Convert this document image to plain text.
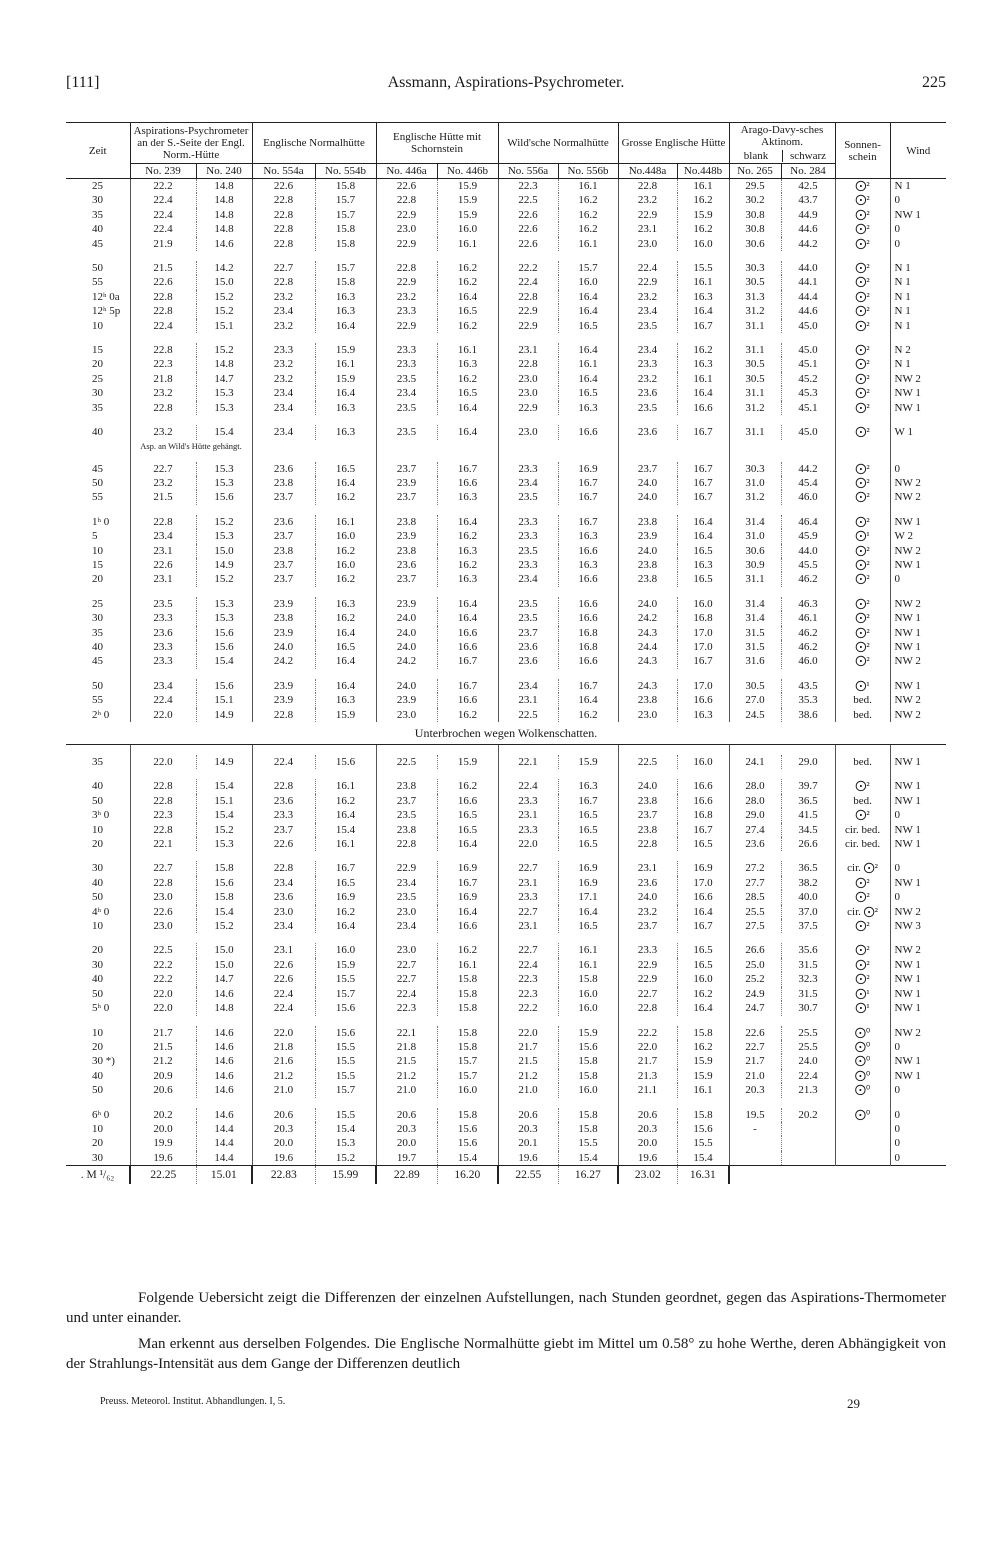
[111]	Assmann, Aspirations-Psychrometer.	225
Zeit	Aspirations-Psychrometer an der S.-Seite der Engl. Norm.-Hütte		Englische Normalhütte		Englische Hütte mit Schornstein		Wild'sche Normalhütte		Grosse Englische Hütte		Arago-Davy-sches Aktinom.
blank schwarz		Sonnen-schein	Wind
	No. 239	No. 240	No. 554a	No. 554b	No. 446a	No. 446b	No. 556a	No. 556b	No.448a	No.448b	No. 265	No. 284		
25	22.2	14.8	22.6	15.8	22.6	15.9	22.3	16.1	22.8	16.1	29.5	42.5	⨀²	N 1
30	22.4	14.8	22.8	15.7	22.8	15.9	22.5	16.2	23.2	16.2	30.2	43.7	⨀²	0
35	22.4	14.8	22.8	15.7	22.9	15.9	22.6	16.2	22.9	15.9	30.8	44.9	⨀²	NW 1
40	22.4	14.8	22.8	15.8	23.0	16.0	22.6	16.2	23.1	16.2	30.8	44.6	⨀²	0
45	21.9	14.6	22.8	15.8	22.9	16.1	22.6	16.1	23.0	16.0	30.6	44.2	⨀²	0

50	21.5	14.2	22.7	15.7	22.8	16.2	22.2	15.7	22.4	15.5	30.3	44.0	⨀²	N 1
55	22.6	15.0	22.8	15.8	22.9	16.2	22.4	16.0	22.9	16.1	30.5	44.1	⨀²	N 1
12ʰ 0a	22.8	15.2	23.2	16.3	23.2	16.4	22.8	16.4	23.2	16.3	31.3	44.4	⨀²	N 1
12ʰ 5p	22.8	15.2	23.4	16.3	23.3	16.5	22.9	16.4	23.4	16.4	31.2	44.6	⨀²	N 1
10	22.4	15.1	23.2	16.4	22.9	16.2	22.9	16.5	23.5	16.7	31.1	45.0	⨀²	N 1

15	22.8	15.2	23.3	15.9	23.3	16.1	23.1	16.4	23.4	16.2	31.1	45.0	⨀²	N 2
20	22.3	14.8	23.2	16.1	23.3	16.3	22.8	16.1	23.3	16.3	30.5	45.1	⨀²	N 1
25	21.8	14.7	23.2	15.9	23.5	16.2	23.0	16.4	23.2	16.1	30.5	45.2	⨀²	NW 2
30	23.2	15.3	23.4	16.4	23.4	16.5	23.0	16.5	23.6	16.4	31.1	45.3	⨀²	NW 1
35	22.8	15.3	23.4	16.3	23.5	16.4	22.9	16.3	23.5	16.6	31.2	45.1	⨀²	NW 1

40	23.2	15.4	23.4	16.3	23.5	16.4	23.0	16.6	23.6	16.7	31.1	45.0	⨀²	W 1
	Asp. an Wild's Hütte gehängt.													

45	22.7	15.3	23.6	16.5	23.7	16.7	23.3	16.9	23.7	16.7	30.3	44.2	⨀²	0
50	23.2	15.3	23.8	16.4	23.9	16.6	23.4	16.7	24.0	16.7	31.0	45.4	⨀²	NW 2
55	21.5	15.6	23.7	16.2	23.7	16.3	23.5	16.7	24.0	16.7	31.2	46.0	⨀²	NW 2

1ʰ 0	22.8	15.2	23.6	16.1	23.8	16.4	23.3	16.7	23.8	16.4	31.4	46.4	⨀²	NW 1
5	23.4	15.3	23.7	16.0	23.9	16.2	23.3	16.3	23.9	16.4	31.0	45.9	⨀¹	W 2
10	23.1	15.0	23.8	16.2	23.8	16.3	23.5	16.6	24.0	16.5	30.6	44.0	⨀²	NW 2
15	22.6	14.9	23.7	16.0	23.6	16.2	23.3	16.3	23.8	16.3	30.9	45.5	⨀²	NW 1
20	23.1	15.2	23.7	16.2	23.7	16.3	23.4	16.6	23.8	16.5	31.1	46.2	⨀²	0

25	23.5	15.3	23.9	16.3	23.9	16.4	23.5	16.6	24.0	16.0	31.4	46.3	⨀²	NW 2
30	23.3	15.3	23.8	16.2	24.0	16.4	23.5	16.6	24.2	16.8	31.4	46.1	⨀²	NW 1
35	23.6	15.6	23.9	16.4	24.0	16.6	23.7	16.8	24.3	17.0	31.5	46.2	⨀²	NW 1
40	23.3	15.6	24.0	16.5	24.0	16.6	23.6	16.8	24.4	17.0	31.5	46.2	⨀²	NW 1
45	23.3	15.4	24.2	16.4	24.2	16.7	23.6	16.6	24.3	16.7	31.6	46.0	⨀²	NW 2

50	23.4	15.6	23.9	16.4	24.0	16.7	23.4	16.7	24.3	17.0	30.5	43.5	⨀¹	NW 1
55	22.4	15.1	23.9	16.3	23.9	16.6	23.1	16.4	23.8	16.6	27.0	35.3	bed.	NW 2
2ʰ 0	22.0	14.9	22.8	15.9	23.0	16.2	22.5	16.2	23.0	16.3	24.5	38.6	bed.	NW 2
Unterbrochen wegen Wolkenschatten.														

35	22.0	14.9	22.4	15.6	22.5	15.9	22.1	15.9	22.5	16.0	24.1	29.0	bed.	NW 1

40	22.8	15.4	22.8	16.1	23.8	16.2	22.4	16.3	24.0	16.6	28.0	39.7	⨀²	NW 1
50	22.8	15.1	23.6	16.2	23.7	16.6	23.3	16.7	23.8	16.6	28.0	36.5	bed.	NW 1
3ʰ 0	22.3	15.4	23.3	16.4	23.5	16.5	23.1	16.5	23.7	16.8	29.0	41.5	⨀²	0
10	22.8	15.2	23.7	15.4	23.8	16.5	23.3	16.5	23.8	16.7	27.4	34.5	cir. bed.	NW 1
20	22.1	15.3	22.6	16.1	22.8	16.4	22.0	16.5	22.8	16.5	23.6	26.6	cir. bed.	NW 1

30	22.7	15.8	22.8	16.7	22.9	16.9	22.7	16.9	23.1	16.9	27.2	36.5	cir. ⨀²	0
40	22.8	15.6	23.4	16.5	23.4	16.7	23.1	16.9	23.6	17.0	27.7	38.2	⨀²	NW 1
50	23.0	15.8	23.6	16.9	23.5	16.9	23.3	17.1	24.0	16.6	28.5	40.0	⨀²	0
4ʰ 0	22.6	15.4	23.0	16.2	23.0	16.4	22.7	16.4	23.2	16.4	25.5	37.0	cir. ⨀²	NW 2
10	23.0	15.2	23.4	16.4	23.4	16.6	23.1	16.5	23.7	16.7	27.5	37.5	⨀²	NW 3

20	22.5	15.0	23.1	16.0	23.0	16.2	22.7	16.1	23.3	16.5	26.6	35.6	⨀²	NW 2
30	22.2	15.0	22.6	15.9	22.7	16.1	22.4	16.1	22.9	16.5	25.0	31.5	⨀²	NW 1
40	22.2	14.7	22.6	15.5	22.7	15.8	22.3	15.8	22.9	16.0	25.2	32.3	⨀²	NW 1
50	22.0	14.6	22.4	15.7	22.4	15.8	22.3	16.0	22.7	16.2	24.9	31.5	⨀¹	NW 1
5ʰ 0	22.0	14.8	22.4	15.6	22.3	15.8	22.2	16.0	22.8	16.4	24.7	30.7	⨀¹	NW 1

10	21.7	14.6	22.0	15.6	22.1	15.8	22.0	15.9	22.2	15.8	22.6	25.5	⨀⁰	NW 2
20	21.5	14.6	21.8	15.5	21.8	15.8	21.7	15.6	22.0	16.2	22.7	25.5	⨀⁰	0
30 *)	21.2	14.6	21.6	15.5	21.5	15.7	21.5	15.8	21.7	15.9	21.7	24.0	⨀⁰	NW 1
40	20.9	14.6	21.2	15.5	21.2	15.7	21.2	15.8	21.3	15.9	21.0	22.4	⨀⁰	NW 1
50	20.6	14.6	21.0	15.7	21.0	16.0	21.0	16.0	21.1	16.1	20.3	21.3	⨀⁰	0

6ʰ 0	20.2	14.6	20.6	15.5	20.6	15.8	20.6	15.8	20.6	15.8	19.5	20.2	⨀⁰	0
10	20.0	14.4	20.3	15.4	20.3	15.6	20.3	15.8	20.3	15.6	-			0
20	19.9	14.4	20.0	15.3	20.0	15.6	20.1	15.5	20.0	15.5				0
30	19.6	14.4	19.6	15.2	19.7	15.4	19.6	15.4	19.6	15.4				0
. M ¹/₆₂	22.25	15.01	22.83	15.99	22.89	16.20	22.55	16.27	23.02	16.31				
Folgende Uebersicht zeigt die Differenzen der einzelnen Aufstellungen, nach Stunden geordnet, gegen das Aspirations-Thermometer und unter einander.
Man erkennt aus derselben Folgendes. Die Englische Normalhütte giebt im Mittel um 0.58° zu hohe Werthe, deren Abhängigkeit von der Strahlungs-Intensität aus dem Gange der Differenzen deutlich
Preuss. Meteorol. Institut. Abhandlungen. I, 5.	29
